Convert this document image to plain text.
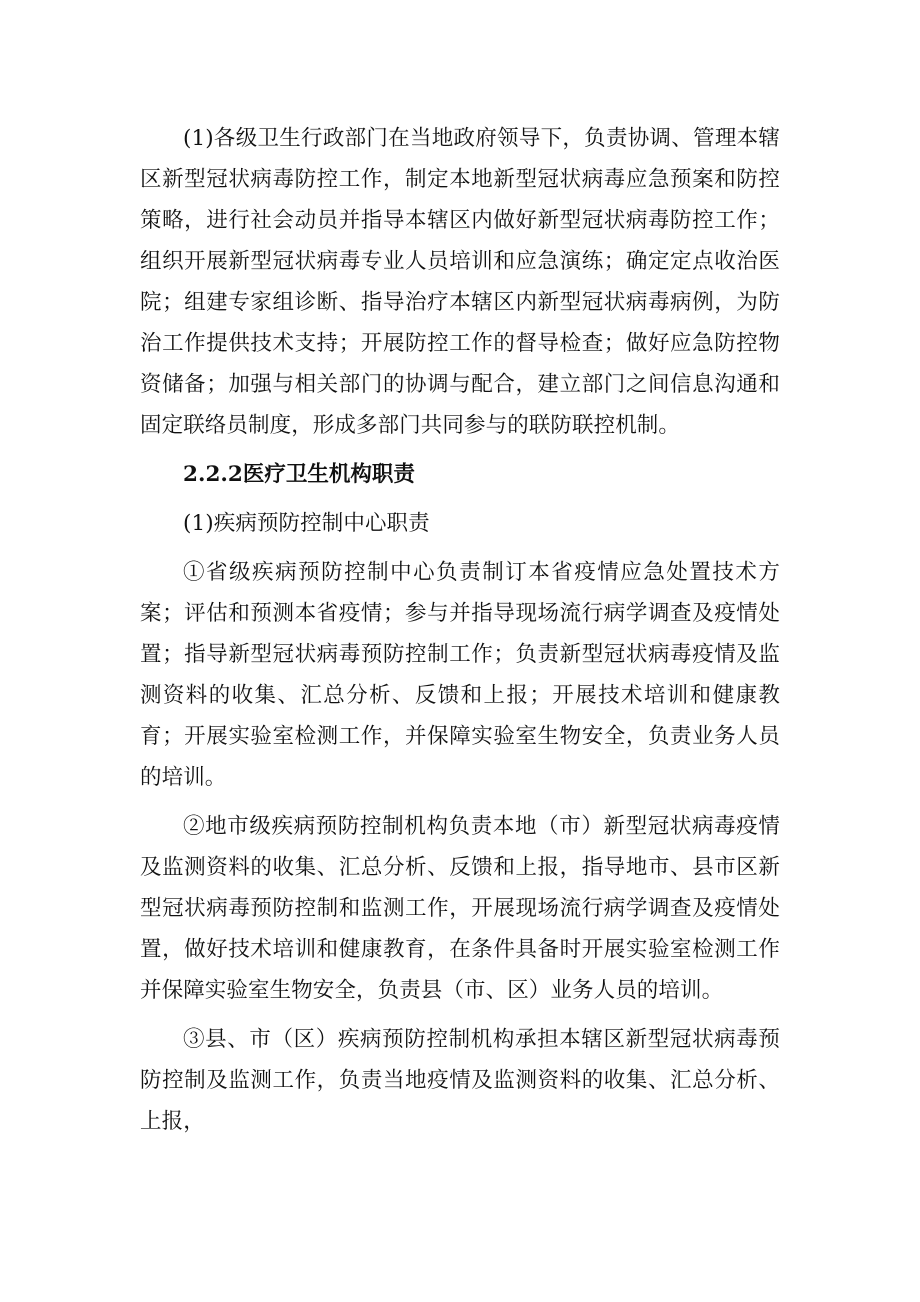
(1)各级卫生行政部门在当地政府领导下，负责协调、管理本辖区新型冠状病毒防控工作，制定本地新型冠状病毒应急预案和防控策略，进行社会动员并指导本辖区内做好新型冠状病毒防控工作；组织开展新型冠状病毒专业人员培训和应急演练；确定定点收治医院；组建专家组诊断、指导治疗本辖区内新型冠状病毒病例，为防治工作提供技术支持；开展防控工作的督导检查；做好应急防控物资储备；加强与相关部门的协调与配合，建立部门之间信息沟通和固定联络员制度，形成多部门共同参与的联防联控机制。

2.2.2医疗卫生机构职责

(1)疾病预防控制中心职责

①省级疾病预防控制中心负责制订本省疫情应急处置技术方案；评估和预测本省疫情；参与并指导现场流行病学调查及疫情处置；指导新型冠状病毒预防控制工作；负责新型冠状病毒疫情及监测资料的收集、汇总分析、反馈和上报；开展技术培训和健康教育；开展实验室检测工作，并保障实验室生物安全，负责业务人员的培训。

②地市级疾病预防控制机构负责本地（市）新型冠状病毒疫情及监测资料的收集、汇总分析、反馈和上报，指导地市、县市区新型冠状病毒预防控制和监测工作，开展现场流行病学调查及疫情处置，做好技术培训和健康教育，在条件具备时开展实验室检测工作并保障实验室生物安全，负责县（市、区）业务人员的培训。

③县、市（区）疾病预防控制机构承担本辖区新型冠状病毒预防控制及监测工作，负责当地疫情及监测资料的收集、汇总分析、上报，
